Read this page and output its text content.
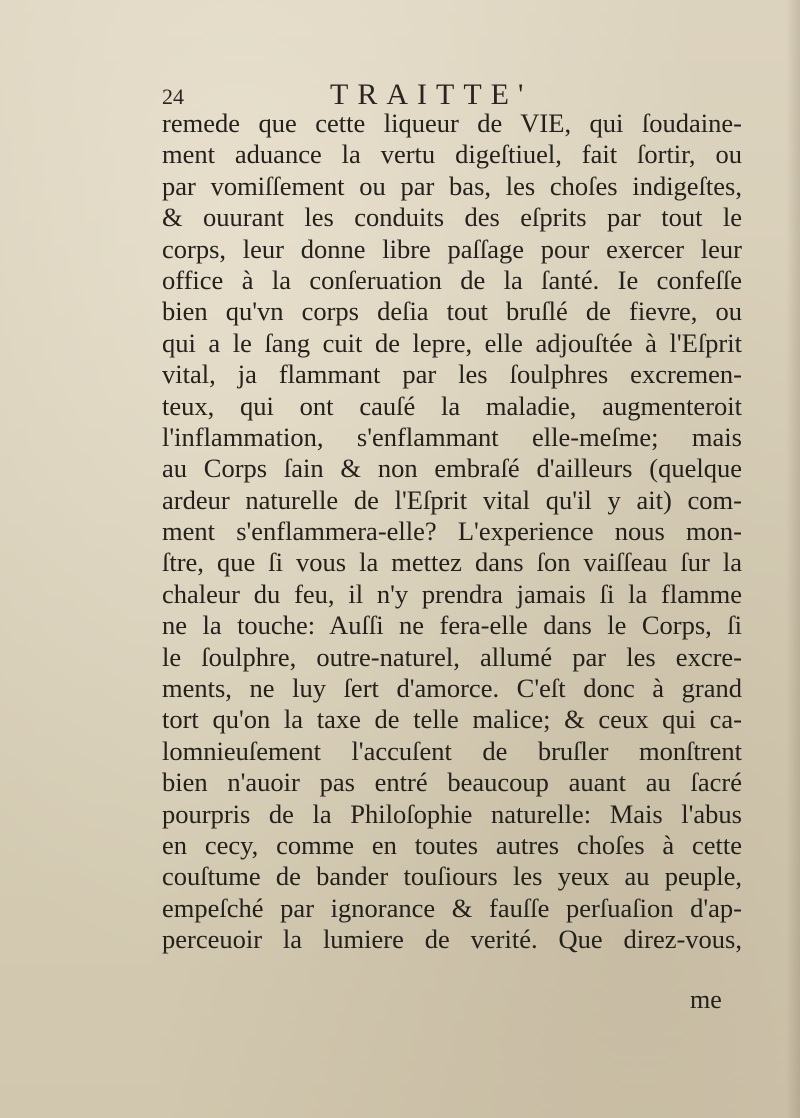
24	TRAITTE'
remede que cette liqueur de VIE, qui ſoudaine-
ment aduance la vertu digeſtiuel, fait ſortir, ou
par vomiſſement ou par bas, les choſes indigeſtes,
& ouurant les conduits des eſprits par tout le
corps, leur donne libre paſſage pour exercer leur
office à la conſeruation de la ſanté. Ie confeſſe
bien qu'vn corps deſia tout bruſlé de fievre, ou
qui a le ſang cuit de lepre, elle adjouſtée à l'Eſprit
vital, ja flammant par les ſoulphres excremen-
teux, qui ont cauſé la maladie, augmenteroit
l'inflammation, s'enflammant elle-meſme; mais
au Corps ſain & non embraſé d'ailleurs (quelque
ardeur naturelle de l'Eſprit vital qu'il y ait) com-
ment s'enflammera-elle? L'experience nous mon-
ſtre, que ſi vous la mettez dans ſon vaiſſeau ſur la
chaleur du feu, il n'y prendra jamais ſi la flamme
ne la touche: Auſſi ne fera-elle dans le Corps, ſi
le ſoulphre, outre-naturel, allumé par les excre-
ments, ne luy ſert d'amorce. C'eſt donc à grand
tort qu'on la taxe de telle malice; & ceux qui ca-
lomnieuſement l'accuſent de bruſler monſtrent
bien n'auoir pas entré beaucoup auant au ſacré
pourpris de la Philoſophie naturelle: Mais l'abus
en cecy, comme en toutes autres choſes à cette
couſtume de bander touſiours les yeux au peuple,
empeſché par ignorance & fauſſe perſuaſion d'ap-
perceuoir la lumiere de verité. Que direz-vous,
me
